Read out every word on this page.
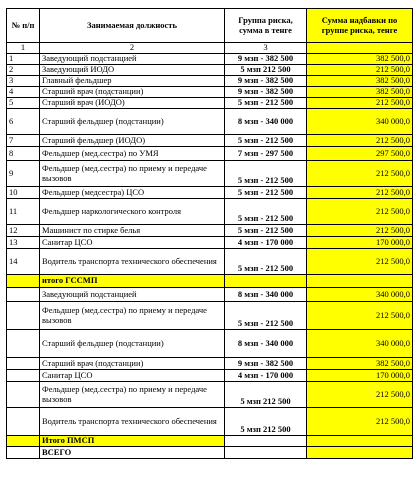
№ п/п	Занимаемая должность	Группа риска, сумма в тенге	Сумма надбавки по группе риска, тенге
1	2	3	
1	Заведующий подстанцией	9 мзп - 382 500	382 500,0
2	Заведующий ИОДО	5 мзп 212 500	212 500,0
3	Главный фельдшер	9 мзп - 382 500	382 500,0
4	Старший врач (подстанции)	9 мзп - 382 500	382 500,0
5	Старший врач (ИОДО)	5 мзп - 212 500	212 500,0
6	Старший фельдшер (подстанции)	8 мзп - 340 000	340 000,0
7	Старший фельдшер (ИОДО)	5 мзп - 212 500	212 500,0
8	Фельдшер (мед.сестра) по УМЯ	7 мзп - 297 500	297 500,0
9	Фельдшер (мед.сестра) по приему и передаче вызовов	5 мзп - 212 500	212 500,0
10	Фельдшер (медсестра) ЦСО	5 мзп - 212 500	212 500,0
11	Фельдшер наркологического контроля	5 мзп - 212 500	212 500,0
12	Машинист по стирке белья	5 мзп - 212 500	212 500,0
13	Санитар ЦСО	4 мзп - 170 000	170 000,0
14	Водитель транспорта технического обеспечения	5 мзп - 212 500	212 500,0
	итого ГССМП		
	Заведующий подстанцией	8 мзп - 340 000	340 000,0
	Фельдшер (мед.сестра) по приему и передаче вызовов	5 мзп - 212 500	212 500,0
	Старший фельдшер (подстанции)	8 мзп - 340 000	340 000,0
	Старший врач (подстанции)	9 мзп - 382 500	382 500,0
	Санитар ЦСО	4 мзп - 170 000	170 000,0
	Фельдшер (мед.сестра) по приему и передаче вызовов	5 мзп 212 500	212 500,0
	Водитель транспорта технического обеспечения	5 мзп 212 500	212 500,0
	Итого ПМСП		
	ВСЕГО		
